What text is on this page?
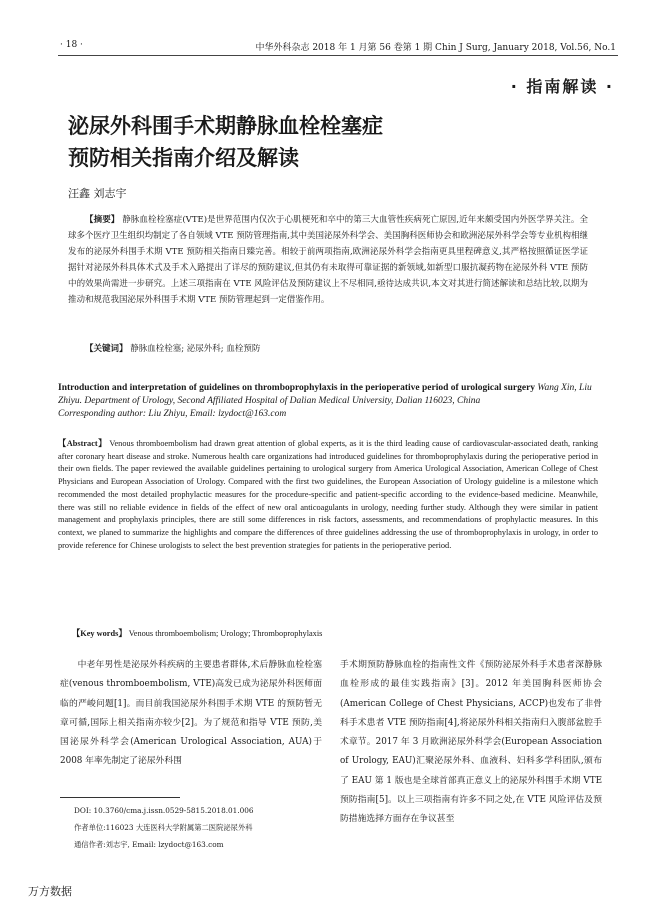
· 18 ·	中华外科杂志 2018 年 1 月第 56 卷第 1 期 Chin J Surg, January 2018, Vol.56, No.1
· 指南解读 ·
泌尿外科围手术期静脉血栓栓塞症
预防相关指南介绍及解读
汪鑫 刘志宇
【摘要】 静脉血栓栓塞症(VTE)是世界范围内仅次于心肌梗死和卒中的第三大血管性疾病死亡原因,近年来颇受国内外医学界关注。全球多个医疗卫生组织均制定了各自领域 VTE 预防管理指南,其中美国泌尿外科学会、美国胸科医师协会和欧洲泌尿外科学会等专业机构相继发布的泌尿外科围手术期 VTE 预防相关指南日臻完善。相较于前两项指南,欧洲泌尿外科学会指南更具里程碑意义,其严格按照循证医学证据针对泌尿外科具体术式及手术入路提出了详尽的预防建议,但其仍有未取得可靠证据的新领域,如新型口服抗凝药物在泌尿外科 VTE 预防中的效果尚需进一步研究。上述三项指南在 VTE 风险评估及预防建议上不尽相同,亟待达成共识,本文对其进行简述解读和总结比较,以期为推动和规范我国泌尿外科围手术期 VTE 预防管理起到一定借鉴作用。
【关键词】 静脉血栓栓塞; 泌尿外科; 血栓预防
Introduction and interpretation of guidelines on thromboprophylaxis in the perioperative period of urological surgery Wang Xin, Liu Zhiyu. Department of Urology, Second Affiliated Hospital of Dalian Medical University, Dalian 116023, China
Corresponding author: Liu Zhiyu, Email: lzydoct@163.com
【Abstract】 Venous thromboembolism had drawn great attention of global experts, as it is the third leading cause of cardiovascular-associated death, ranking after coronary heart disease and stroke. Numerous health care organizations had introduced guidelines for thromboprophylaxis during the perioperative period in their own fields. The paper reviewed the available guidelines pertaining to urological surgery from America Urological Association, American College of Chest Physicians and European Association of Urology. Compared with the first two guidelines, the European Association of Urology guideline is a milestone which recommended the most detailed prophylactic measures for the procedure-specific and patient-specific according to the evidence-based medicine. Meanwhile, there was still no reliable evidence in fields of the effect of new oral anticoagulants in urology, needing further study. Although they were similar in patient management and prophylaxis principles, there are still some differences in risk factors, assessments, and recommendations of prophylactic measures. In this context, we planed to summarize the highlights and compare the differences of three guidelines addressing the use of thromboprophylaxis in urology, in order to provide reference for Chinese urologists to select the best prevention strategies for patients in the perioperative period.
【Key words】 Venous thromboembolism; Urology; Thromboprophylaxis
中老年男性是泌尿外科疾病的主要患者群体,术后静脉血栓栓塞症(venous thromboembolism, VTE)高发已成为泌尿外科医师面临的严峻问题[1]。而目前我国泌尿外科围手术期 VTE 的预防暂无章可循,国际上相关指南亦较少[2]。为了规范和指导 VTE 预防,美国泌尿外科学会(American Urological Association, AUA)于 2008 年率先制定了泌尿外科围
手术期预防静脉血栓的指南性文件《预防泌尿外科手术患者深静脉血栓形成的最佳实践指南》[3]。2012 年美国胸科医师协会(American College of Chest Physicians, ACCP)也发布了非骨科手术患者 VTE 预防指南[4],将泌尿外科相关指南归入腹部盆腔手术章节。2017 年 3 月欧洲泌尿外科学会(European Association of Urology, EAU)汇聚泌尿外科、血液科、妇科多学科团队,颁布了 EAU 第 1 版也是全球首部真正意义上的泌尿外科围手术期 VTE 预防指南[5]。以上三项指南有许多不同之处,在 VTE 风险评估及预防措施选择方面存在争议甚至
DOI: 10.3760/cma.j.issn.0529-5815.2018.01.006
作者单位:116023 大连医科大学附属第二医院泌尿外科
通信作者:刘志宇, Email: lzydoct@163.com
万方数据
